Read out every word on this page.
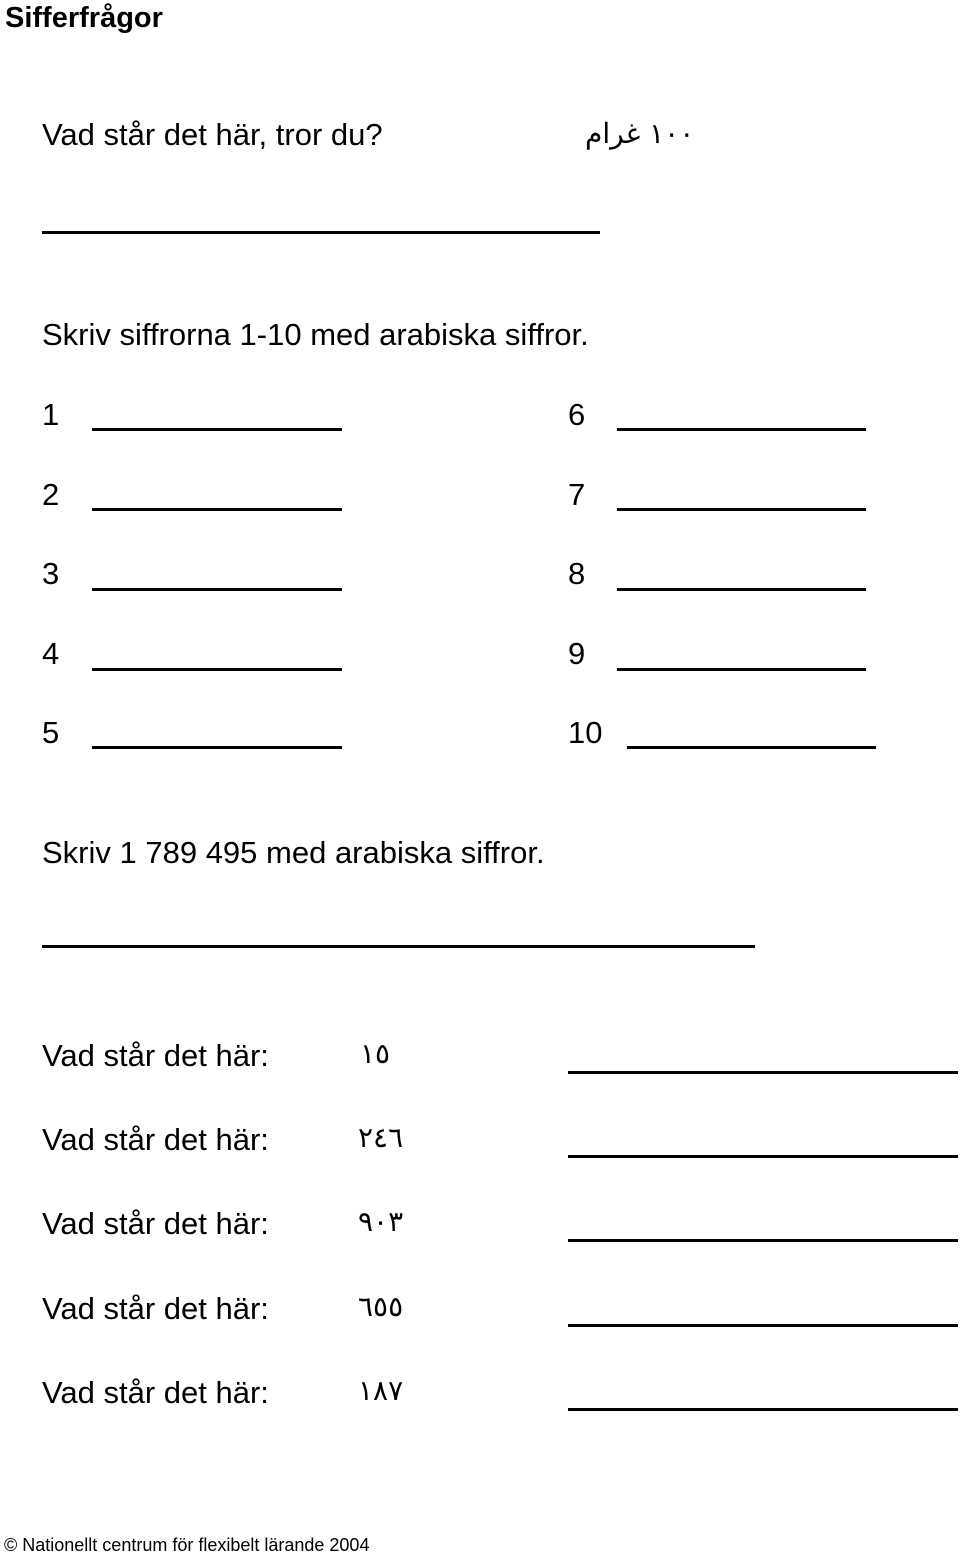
Sifferfrågor
Vad står det här, tror du?	١٠٠ غرام
Skriv siffrorna 1-10 med arabiska siffror.
1
2
3
4
5
6
7
8
9
10
Skriv 1 789 495 med arabiska siffror.
Vad står det här:	١٥
Vad står det här:	٢٤٦
Vad står det här:	٩٠٣
Vad står det här:	٦٥٥
Vad står det här:	١٨٧
© Nationellt centrum för flexibelt lärande 2004
